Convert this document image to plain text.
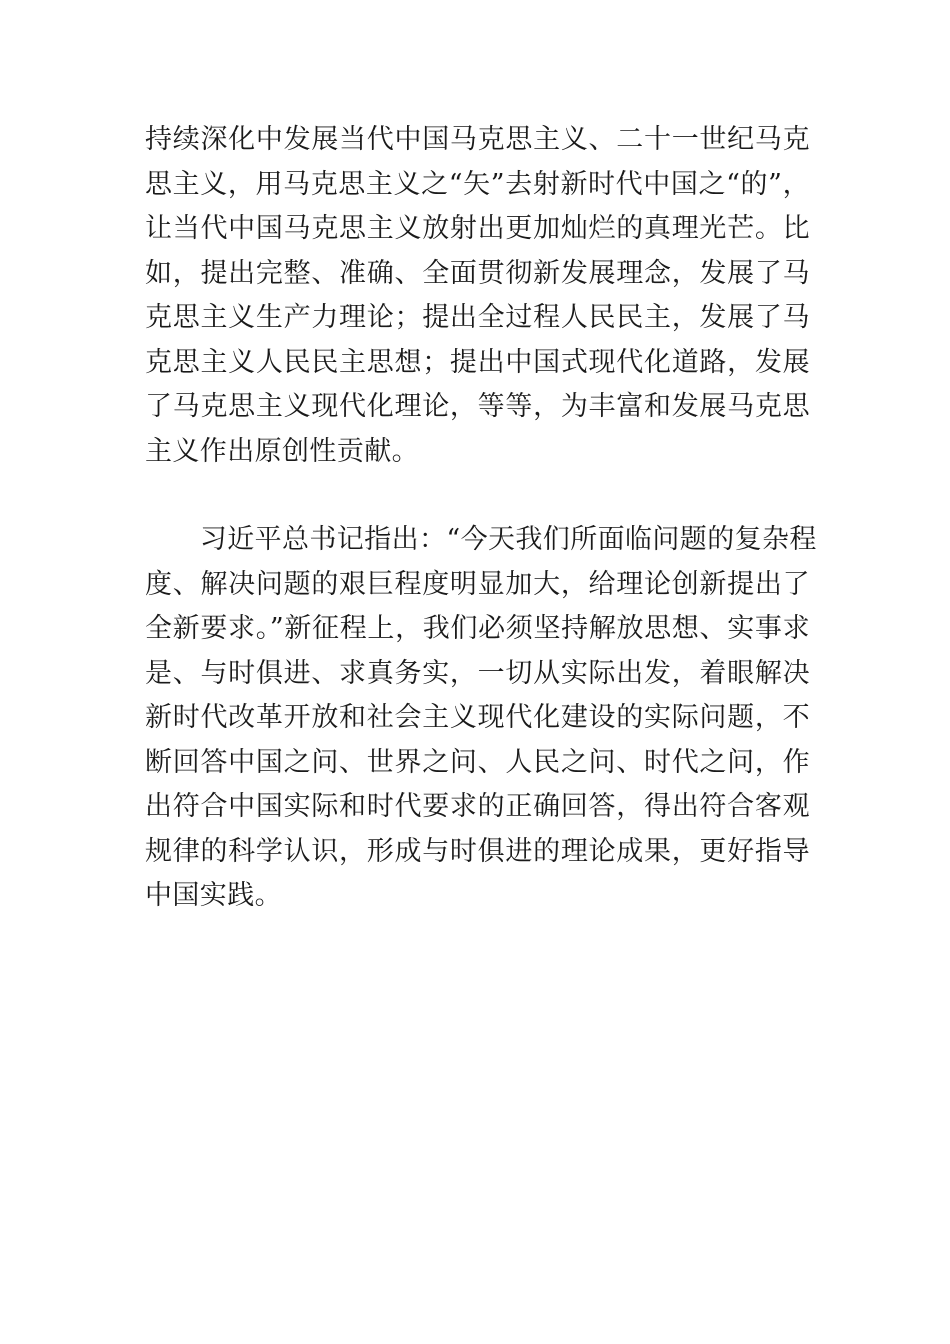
持续深化中发展当代中国马克思主义、二十一世纪马克
思主义，用马克思主义之“矢”去射新时代中国之“的”，
让当代中国马克思主义放射出更加灿烂的真理光芒。比
如，提出完整、准确、全面贯彻新发展理念，发展了马
克思主义生产力理论；提出全过程人民民主，发展了马
克思主义人民民主思想；提出中国式现代化道路，发展
了马克思主义现代化理论，等等，为丰富和发展马克思
主义作出原创性贡献。

　　习近平总书记指出：“今天我们所面临问题的复杂程
度、解决问题的艰巨程度明显加大，给理论创新提出了
全新要求。”新征程上，我们必须坚持解放思想、实事求
是、与时俱进、求真务实，一切从实际出发，着眼解决
新时代改革开放和社会主义现代化建设的实际问题，不
断回答中国之问、世界之问、人民之问、时代之问，作
出符合中国实际和时代要求的正确回答，得出符合客观
规律的科学认识，形成与时俱进的理论成果，更好指导
中国实践。
